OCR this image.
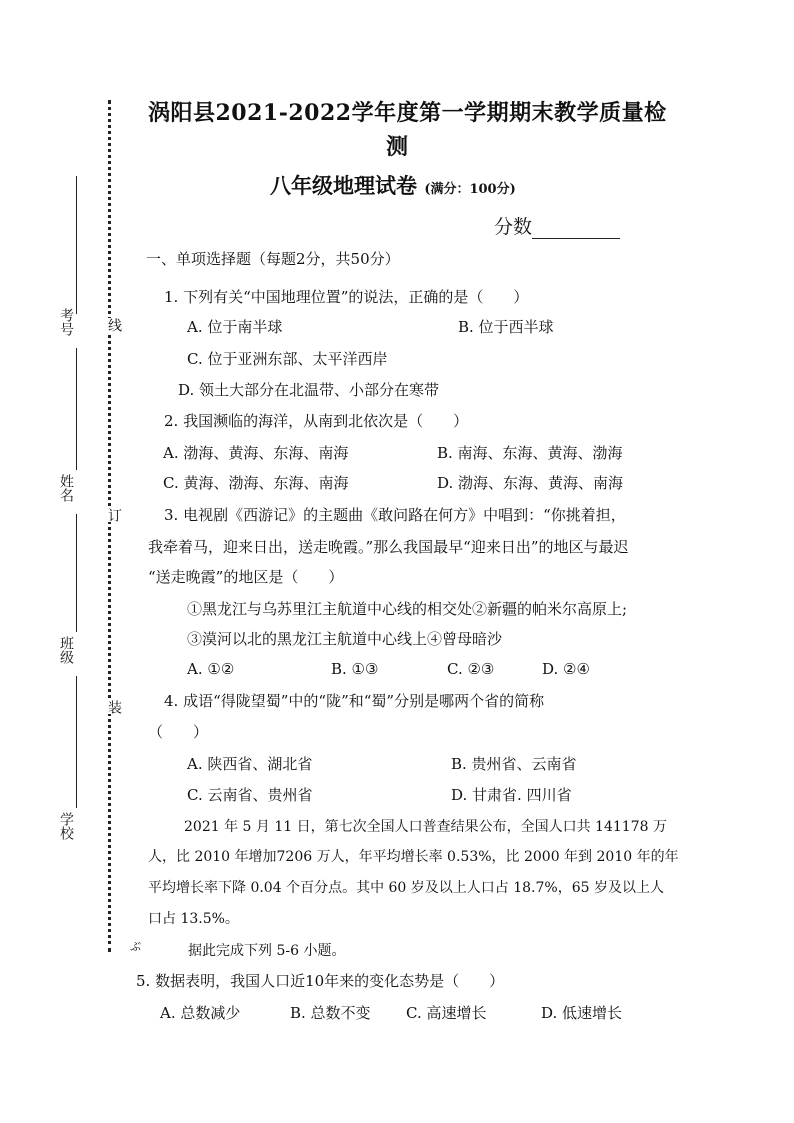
考号
姓名
班级
学校
线
订
装
ぶ
涡阳县2021-2022学年度第一学期期末教学质量检
测
八年级地理试卷 (满分：100分)
分数
一、单项选择题（每题2分，共50分）
1. 下列有关“中国地理位置”的说法，正确的是（　　）
A. 位于南半球	B. 位于西半球
C. 位于亚洲东部、太平洋西岸
D. 领土大部分在北温带、小部分在寒带
2. 我国濒临的海洋，从南到北依次是（　　）
A. 渤海、黄海、东海、南海	B. 南海、东海、黄海、渤海
C. 黄海、渤海、东海、南海	D. 渤海、东海、黄海、南海
3. 电视剧《西游记》的主题曲《敢问路在何方》中唱到：“你挑着担，
我牵着马，迎来日出，送走晚霞。”那么我国最早“迎来日出”的地区与最迟
“送走晚霞”的地区是（　　）
①黑龙江与乌苏里江主航道中心线的相交处②新疆的帕米尔高原上;
③漠河以北的黑龙江主航道中心线上④曾母暗沙
A. ①②	B. ①③	C. ②③	D. ②④
4. 成语“得陇望蜀”中的“陇”和“蜀”分别是哪两个省的简称
（　　）
A. 陕西省、湖北省	B. 贵州省、云南省
C. 云南省、贵州省	D. 甘肃省. 四川省
2021 年 5 月 11 日，第七次全国人口普查结果公布，全国人口共 141178 万
人，比 2010 年增加7206 万人，年平均增长率 0.53%，比 2000 年到 2010 年的年
平均增长率下降 0.04 个百分点。其中 60 岁及以上人口占 18.7%，65 岁及以上人
口占 13.5%。
据此完成下列 5-6 小题。
5. 数据表明，我国人口近10年来的变化态势是（　　）
A. 总数减少	B. 总数不变 C. 高速增长	D. 低速增长
